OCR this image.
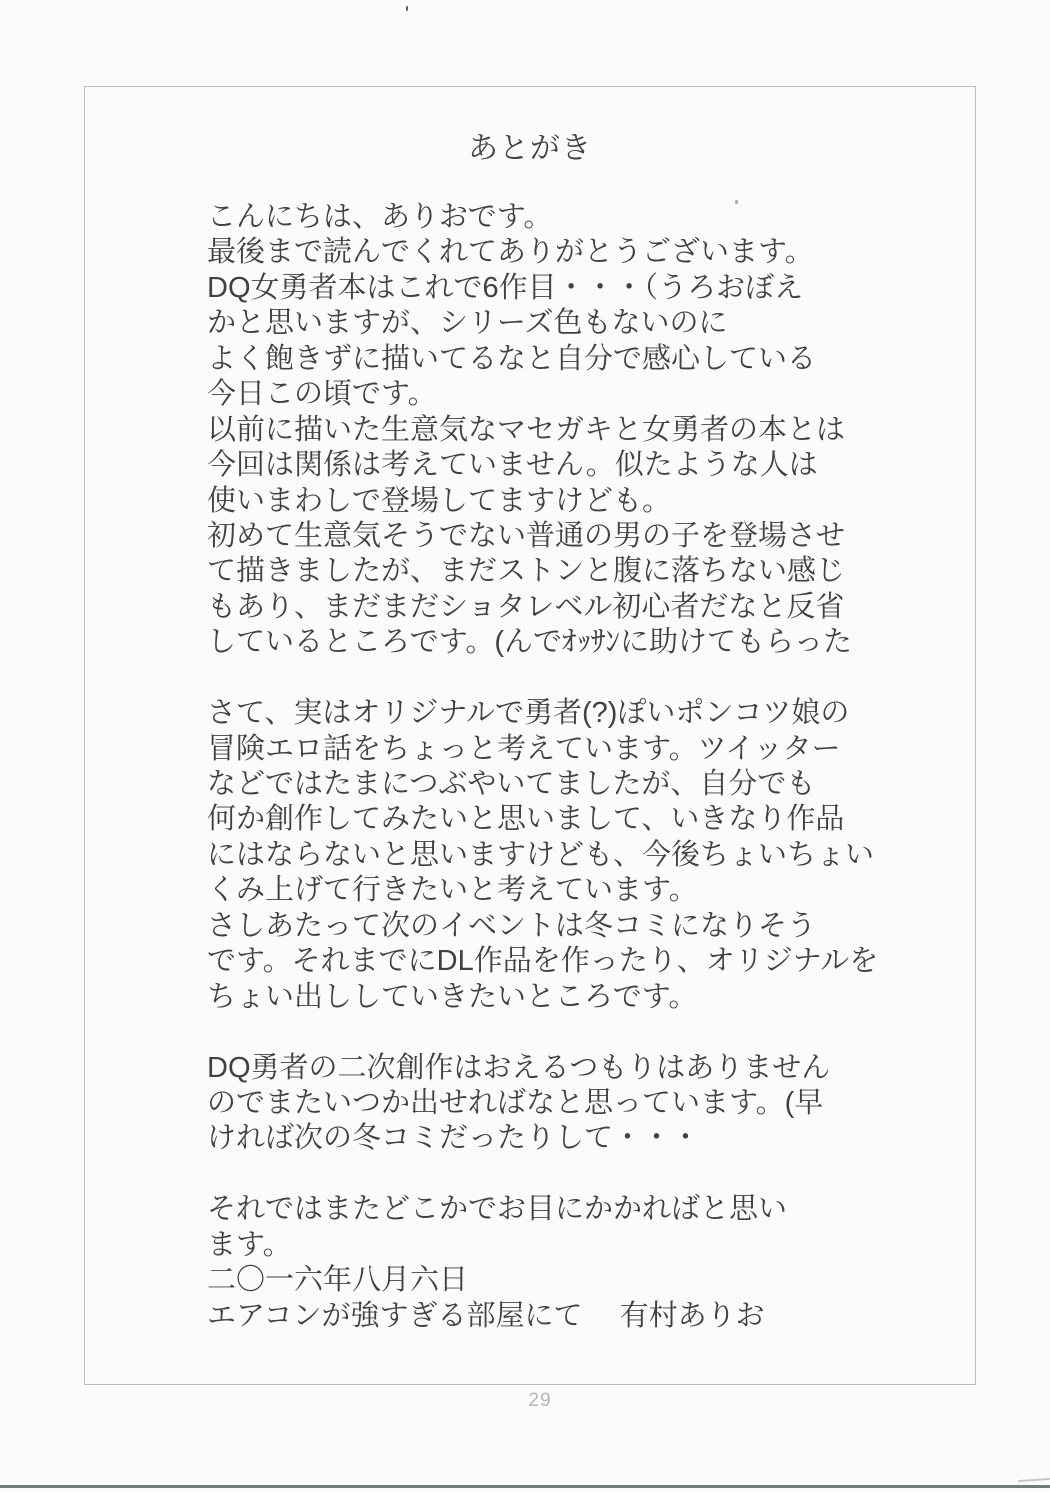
あとがき
こんにちは、ありおです。
最後まで読んでくれてありがとうございます。
DQ女勇者本はこれで6作目・・・（うろおぼえ
かと思いますが、シリーズ色もないのに
よく飽きずに描いてるなと自分で感心している
今日この頃です。
以前に描いた生意気なマセガキと女勇者の本とは
今回は関係は考えていません。似たような人は
使いまわしで登場してますけども。
初めて生意気そうでない普通の男の子を登場させ
て描きましたが、まだストンと腹に落ちない感じ
もあり、まだまだショタレベル初心者だなと反省
しているところです。(んでｵｯｻﾝに助けてもらった

さて、実はオリジナルで勇者(?)ぽいポンコツ娘の
冒険エロ話をちょっと考えています。ツイッター
などではたまにつぶやいてましたが、自分でも
何か創作してみたいと思いまして、いきなり作品
にはならないと思いますけども、今後ちょいちょい
くみ上げて行きたいと考えています。
さしあたって次のイベントは冬コミになりそう
です。それまでにDL作品を作ったり、オリジナルを
ちょい出ししていきたいところです。

DQ勇者の二次創作はおえるつもりはありません
のでまたいつか出せればなと思っています。(早
ければ次の冬コミだったりして・・・

それではまたどこかでお目にかかればと思い
ます。
二〇一六年八月六日
エアコンが強すぎる部屋にて　 有村ありお
29
